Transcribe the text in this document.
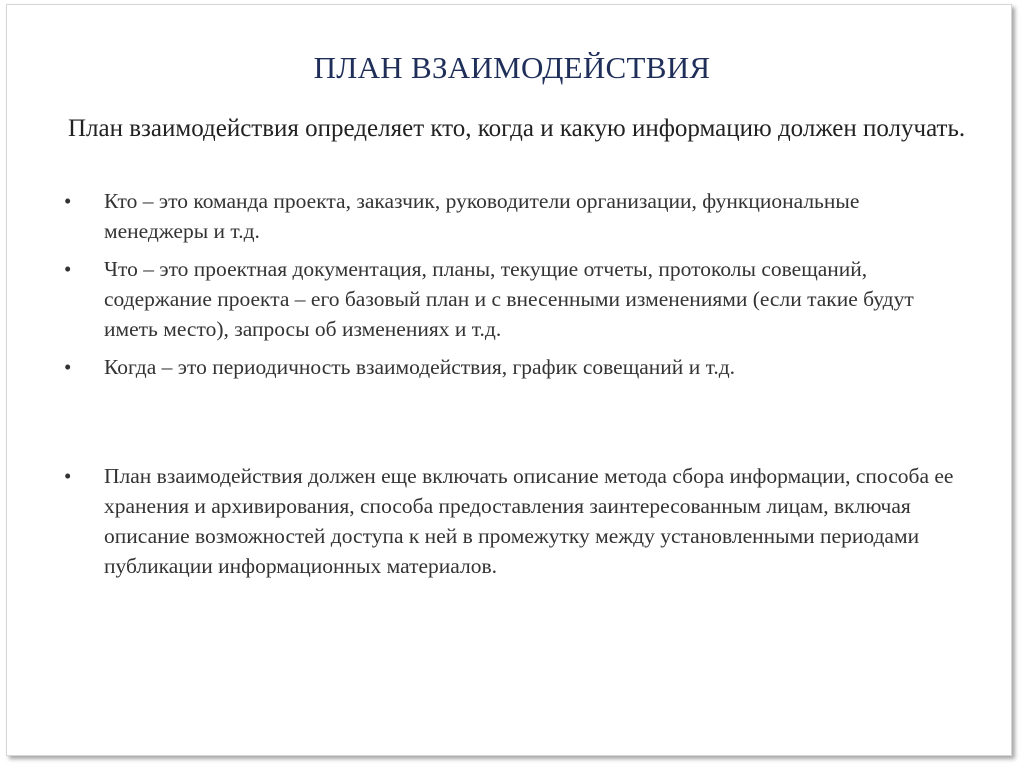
ПЛАН ВЗАИМОДЕЙСТВИЯ
План взаимодействия определяет кто, когда и какую информацию должен получать.
• Кто – это команда проекта, заказчик, руководители организации, функциональные менеджеры и т.д.
• Что – это проектная документация, планы, текущие отчеты, протоколы совещаний, содержание проекта – его базовый план и с внесенными изменениями (если такие будут иметь место), запросы об изменениях и т.д.
• Когда – это периодичность взаимодействия, график совещаний и т.д.
• План взаимодействия должен еще включать описание метода сбора информации, способа ее хранения и архивирования, способа предоставления заинтересованным лицам, включая описание возможностей доступа к ней в промежутку между установленными периодами публикации информационных материалов.
